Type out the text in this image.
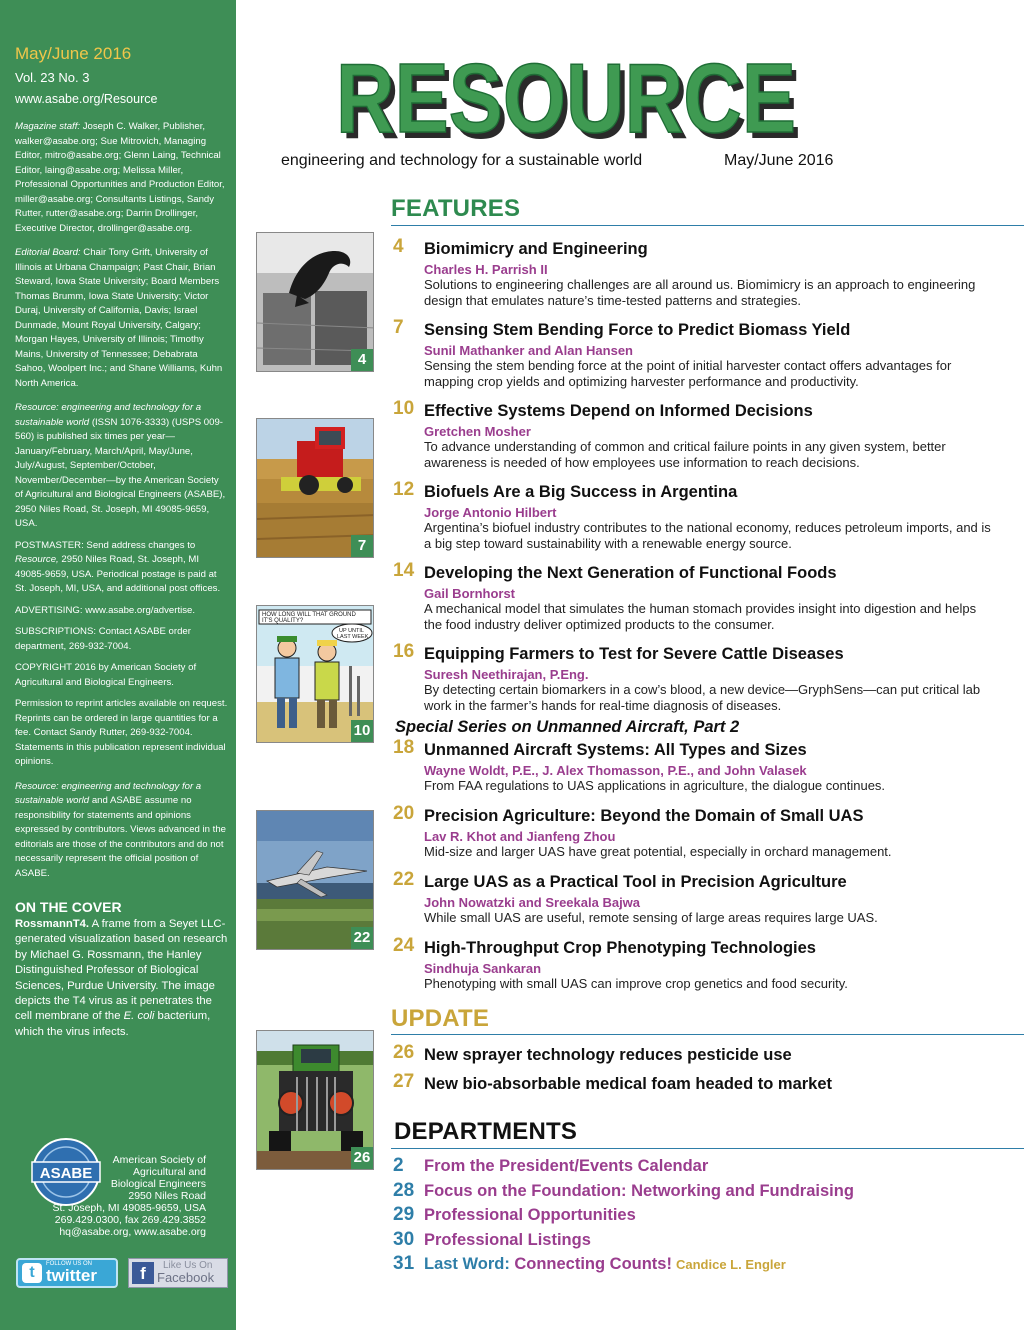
May/June 2016
Vol. 23 No. 3
www.asabe.org/Resource

Magazine staff: Joseph C. Walker, Publisher, walker@asabe.org; Sue Mitrovich, Managing Editor, mitro@asabe.org; Glenn Laing, Technical Editor, laing@asabe.org; Melissa Miller, Professional Opportunities and Production Editor, miller@asabe.org; Consultants Listings, Sandy Rutter, rutter@asabe.org; Darrin Drollinger, Executive Director, drollinger@asabe.org.

Editorial Board: Chair Tony Grift, University of Illinois at Urbana Champaign; Past Chair, Brian Steward, Iowa State University; Board Members Thomas Brumm, Iowa State University; Victor Duraj, University of California, Davis; Israel Dunmade, Mount Royal University, Calgary; Morgan Hayes, University of Illinois; Timothy Mains, University of Tennessee; Debabrata Sahoo, Woolpert Inc.; and Shane Williams, Kuhn North America.

Resource: engineering and technology for a sustainable world (ISSN 1076-3333) (USPS 009-560) is published six times per year—January/February, March/April, May/June, July/August, September/October, November/December—by the American Society of Agricultural and Biological Engineers (ASABE), 2950 Niles Road, St. Joseph, MI 49085-9659, USA.

POSTMASTER: Send address changes to Resource, 2950 Niles Road, St. Joseph, MI 49085-9659, USA. Periodical postage is paid at St. Joseph, MI, USA, and additional post offices.

ADVERTISING: www.asabe.org/advertise.

SUBSCRIPTIONS: Contact ASABE order department, 269-932-7004.

COPYRIGHT 2016 by American Society of Agricultural and Biological Engineers.

Permission to reprint articles available on request. Reprints can be ordered in large quantities for a fee. Contact Sandy Rutter, 269-932-7004. Statements in this publication represent individual opinions.

Resource: engineering and technology for a sustainable world and ASABE assume no responsibility for statements and opinions expressed by contributors. Views advanced in the editorials are those of the contributors and do not necessarily represent the official position of ASABE.

ON THE COVER

RossmannT4. A frame from a Seyet LLC-generated visualization based on research by Michael G. Rossmann, the Hanley Distinguished Professor of Biological Sciences, Purdue University. The image depicts the T4 virus as it penetrates the cell membrane of the E. coli bacterium, which the virus infects.

ASABE
American Society of
Agricultural and
Biological Engineers
2950 Niles Road
St. Joseph, MI 49085-9659, USA
269.429.0300, fax 269.429.3852
hq@asabe.org, www.asabe.org
t	FOLLOW US ON
twitter	f	Like Us On
Facebook
RESOURCE
RESOURCE
engineering and technology for a sustainable world	May/June 2016
FEATURES
4 Biomimicry and Engineering
Charles H. Parrish II
Solutions to engineering challenges are all around us. Biomimicry is an approach to engineering design that emulates nature’s time-tested patterns and strategies.
7 Sensing Stem Bending Force to Predict Biomass Yield
Sunil Mathanker and Alan Hansen
Sensing the stem bending force at the point of initial harvester contact offers advantages for mapping crop yields and optimizing harvester performance and productivity.
10 Effective Systems Depend on Informed Decisions
Gretchen Mosher
To advance understanding of common and critical failure points in any given system, better awareness is needed of how employees use information to reach decisions.
12 Biofuels Are a Big Success in Argentina
Jorge Antonio Hilbert
Argentina’s biofuel industry contributes to the national economy, reduces petroleum imports, and is a big step toward sustainability with a renewable energy source.
14 Developing the Next Generation of Functional Foods
Gail Bornhorst
A mechanical model that simulates the human stomach provides insight into digestion and helps the food industry deliver optimized products to the consumer.
16 Equipping Farmers to Test for Severe Cattle Diseases
Suresh Neethirajan, P.Eng.
By detecting certain biomarkers in a cow’s blood, a new device—GryphSens—can put critical lab work in the farmer’s hands for real-time diagnosis of diseases.
Special Series on Unmanned Aircraft, Part 2
18 Unmanned Aircraft Systems: All Types and Sizes
Wayne Woldt, P.E., J. Alex Thomasson, P.E., and John Valasek
From FAA regulations to UAS applications in agriculture, the dialogue continues.
20 Precision Agriculture: Beyond the Domain of Small UAS
Lav R. Khot and Jianfeng Zhou
Mid-size and larger UAS have great potential, especially in orchard management.
22 Large UAS as a Practical Tool in Precision Agriculture
John Nowatzki and Sreekala Bajwa
While small UAS are useful, remote sensing of large areas requires large UAS.
24 High-Throughput Crop Phenotyping Technologies
Sindhuja Sankaran
Phenotyping with small UAS can improve crop genetics and food security.
UPDATE
26 New sprayer technology reduces pesticide use
27 New bio-absorbable medical foam headed to market
DEPARTMENTS
2 From the President/Events Calendar
28 Focus on the Foundation: Networking and Fundraising
29 Professional Opportunities
30 Professional Listings
31 Last Word: Connecting Counts! Candice L. Engler
4
7
HOW LONG WILL THAT GROUND
IT'S QUALITY?
UP UNTIL
LAST WEEK
10
22
26
